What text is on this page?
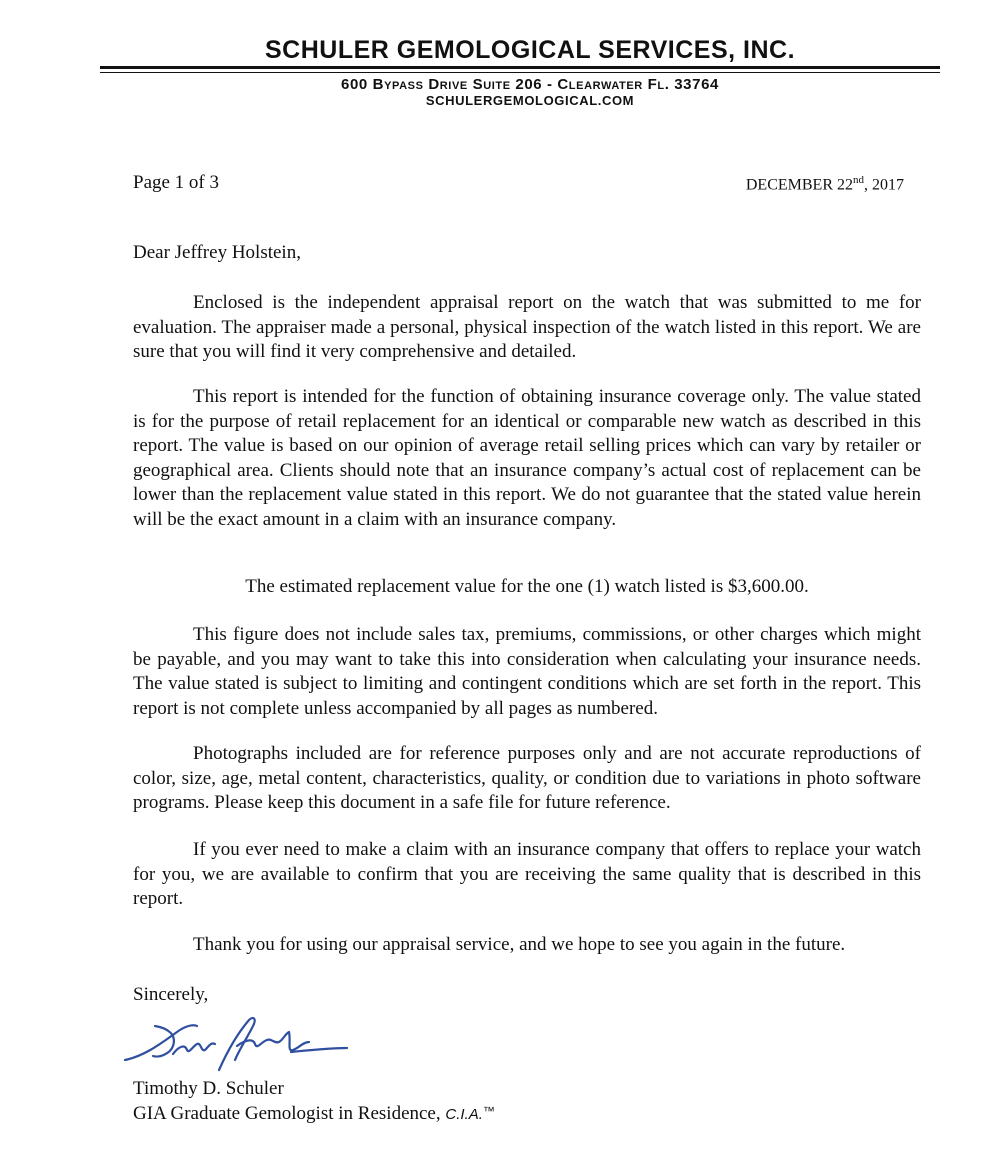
SCHULER GEMOLOGICAL SERVICES, INC.
600 Bypass Drive Suite 206 - Clearwater Fl. 33764
SCHULERGEMOLOGICAL.COM
Page 1 of 3	DECEMBER 22nd, 2017
Dear Jeffrey Holstein,
Enclosed is the independent appraisal report on the watch that was submitted to me for evaluation. The appraiser made a personal, physical inspection of the watch listed in this report. We are sure that you will find it very comprehensive and detailed.
This report is intended for the function of obtaining insurance coverage only. The value stated is for the purpose of retail replacement for an identical or comparable new watch as described in this report. The value is based on our opinion of average retail selling prices which can vary by retailer or geographical area. Clients should note that an insurance company’s actual cost of replacement can be lower than the replacement value stated in this report. We do not guarantee that the stated value herein will be the exact amount in a claim with an insurance company.
The estimated replacement value for the one (1) watch listed is $3,600.00.
This figure does not include sales tax, premiums, commissions, or other charges which might be payable, and you may want to take this into consideration when calculating your insurance needs. The value stated is subject to limiting and contingent conditions which are set forth in the report. This report is not complete unless accompanied by all pages as numbered.
Photographs included are for reference purposes only and are not accurate reproductions of color, size, age, metal content, characteristics, quality, or condition due to variations in photo software programs. Please keep this document in a safe file for future reference.
If you ever need to make a claim with an insurance company that offers to replace your watch for you, we are available to confirm that you are receiving the same quality that is described in this report.
Thank you for using our appraisal service, and we hope to see you again in the future.
Sincerely,
Timothy D. Schuler
GIA Graduate Gemologist in Residence, C.I.A.™
